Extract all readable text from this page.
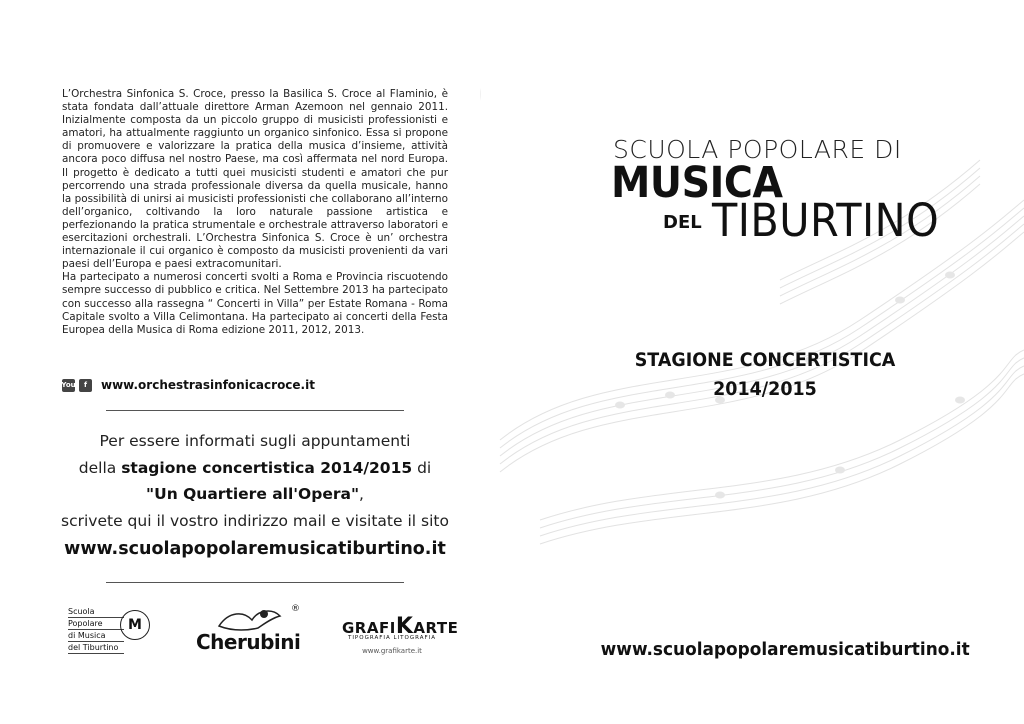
L’Orchestra Sinfonica S. Croce, presso la Basilica S. Croce al Flaminio, è stata fondata dall’attuale direttore Arman Azemoon nel gennaio 2011. Inizialmente composta da un piccolo gruppo di musicisti professionisti e amatori, ha attualmente raggiunto un organico sinfonico. Essa si propone di promuovere e valorizzare la pratica della musica d’insieme, attività ancora poco diffusa nel nostro Paese, ma così affermata nel nord Europa. Il progetto è dedicato a tutti quei musicisti studenti e amatori che pur percorrendo una strada professionale diversa da quella musicale, hanno la possibilità di unirsi ai musicisti professionisti che collaborano all’interno dell’organico, coltivando la loro naturale passione artistica e perfezionando la pratica strumentale e orchestrale attraverso laboratori e esercitazioni orchestrali. L’Orchestra Sinfonica S. Croce è un’ orchestra internazionale il cui organico è composto da musicisti provenienti da vari paesi dell’Europa e paesi extracomunitari.

Ha partecipato a numerosi concerti svolti a Roma e Provincia riscuotendo sempre successo di pubblico e critica. Nel Settembre 2013 ha partecipato con successo alla rassegna “ Concerti in Villa” per Estate Romana - Roma Capitale svolto a Villa Celimontana. Ha partecipato ai concerti della Festa Europea della Musica di Roma edizione 2011, 2012, 2013.

You	f	www.orchestrasinfonicacroce.it
Per essere informati sugli appuntamenti
della stagione concertistica 2014/2015 di
"Un Quartiere all'Opera",
scrivete qui il vostro indirizzo mail e visitate il sito
www.scuolapopolaremusicatiburtino.it
Scuola
Popolare
di Musica
del Tiburtino
M
®
Cherubini
GRAFIKARTE
TIPOGRAFIA LITOGRAFIA
www.grafikarte.it
SCUOLA POPOLARE DI
MUSICA
DEL TIBURTINO
STAGIONE CONCERTISTICA
2014/2015
www.scuolapopolaremusicatiburtino.it
